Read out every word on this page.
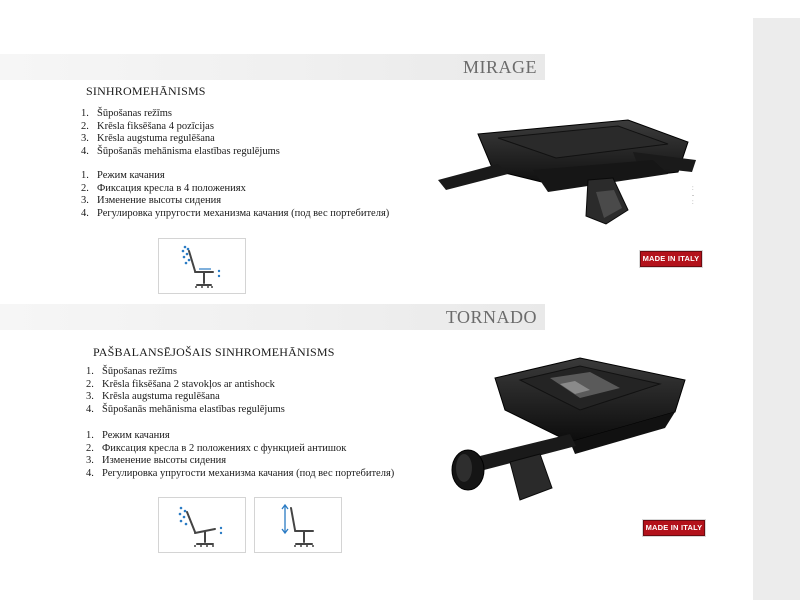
MIRAGE
SINHROMEHĀNISMS
1. Šūpošanas režīms
2. Krēsla fiksēšana 4 pozīcijas
3. Krēsla augstuma regulēšana
4. Šūpošanās mehānisma elastības regulējums
1. Режим качания
2. Фиксация кресла в 4 положениях
3. Изменение высоты сидения
4. Регулировка упругости механизма качания (под вес портебителя)
:
-
:
MADE IN ITALY
TORNADO
PAŠBALANSĒJOŠAIS SINHROMEHĀNISMS
1. Šūpošanas režīms
2. Krēsla fiksēšana 2 stavokļos ar antishock
3. Krēsla augstuma regulēšana
4. Šūpošanās mehānisma elastības regulējums
1. Режим качания
2. Фиксация кресла в 2 положениях с функцией антишок
3. Изменение высоты сидения
4. Регулировка упругости механизма качания (под вес портебителя)
MADE IN ITALY
